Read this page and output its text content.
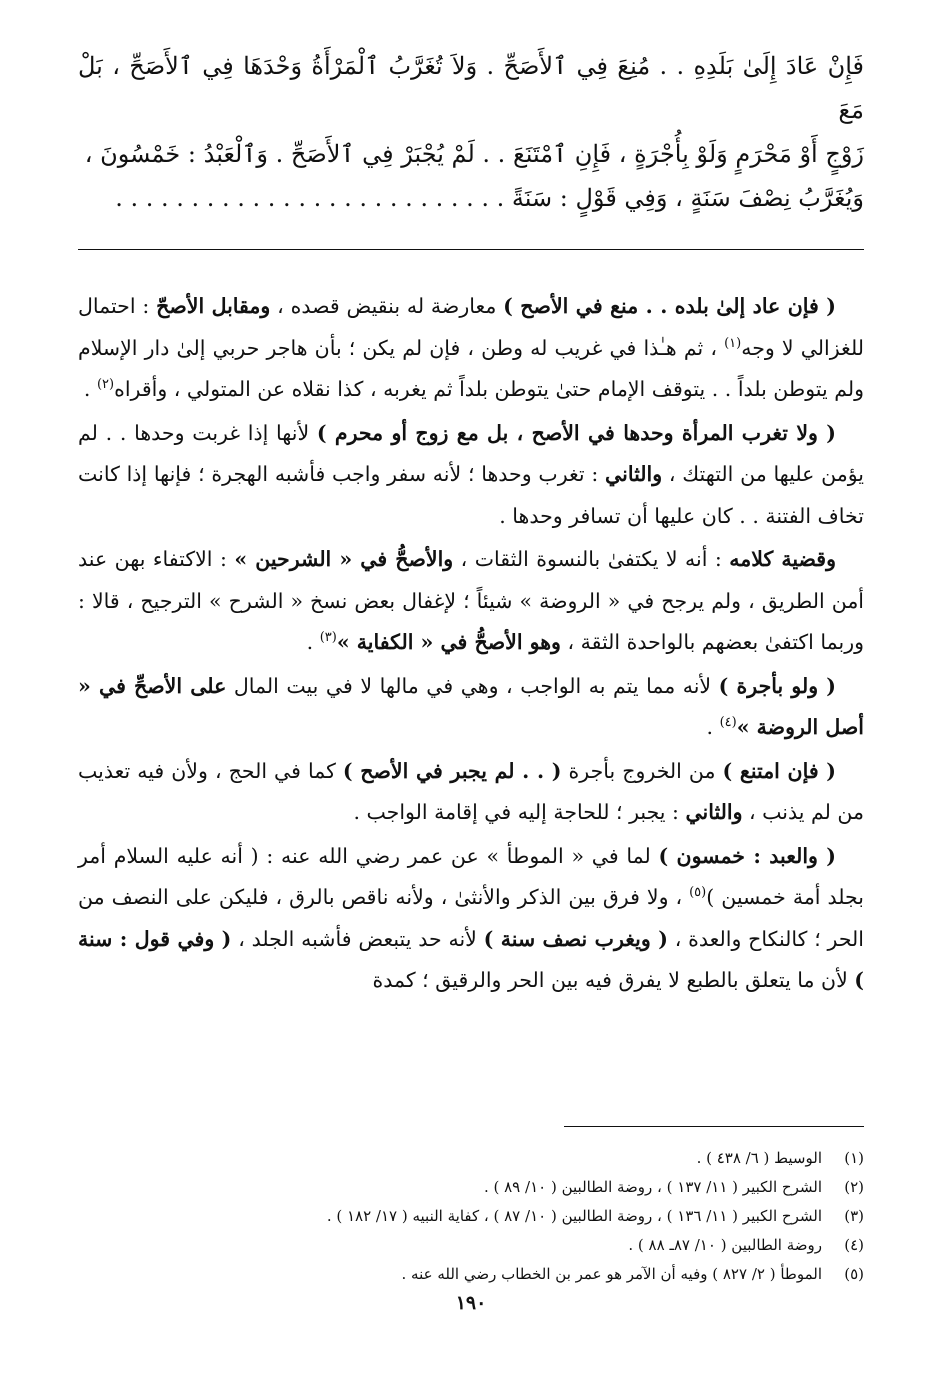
فَإِنْ عَادَ إِلَىٰ بَلَدِهِ . . مُنِعَ فِي ٱلأَصَحِّ . وَلاَ تُغَرَّبُ ٱلْمَرْأَةُ وَحْدَهَا فِي ٱلأَصَحِّ ، بَلْ مَعَ
زَوْجٍ أَوْ مَحْرَمٍ وَلَوْ بِأُجْرَةٍ ، فَإِنِ ٱمْتَنَعَ . . لَمْ يُجْبَرْ فِي ٱلأَصَحِّ . وَٱلْعَبْدُ : خَمْسُونَ ،
وَيُغَرَّبُ نِصْفَ سَنَةٍ ، وَفِي قَوْلٍ : سَنَةً . . . . . . . . . . . . . . . . . . . . . . . . . .

( فإن عاد إلىٰ بلده . . منع في الأصح ) معارضة له بنقيض قصده ، ومقابل الأصحّ : احتمال للغزالي لا وجه$^{(١)}$ ، ثم هـٰذا في غريب له وطن ، فإن لم يكن ؛ بأن هاجر حربي إلىٰ دار الإسلام ولم يتوطن بلداً . . يتوقف الإمام حتىٰ يتوطن بلداً ثم يغربه ، كذا نقلاه عن المتولي ، وأقراه$^{(٢)}$ .

( ولا تغرب المرأة وحدها في الأصح ، بل مع زوج أو محرم ) لأنها إذا غربت وحدها . . لم يؤمن عليها من التهتك ، والثاني : تغرب وحدها ؛ لأنه سفر واجب فأشبه الهجرة ؛ فإنها إذا كانت تخاف الفتنة . . كان عليها أن تسافر وحدها .

وقضية كلامه : أنه لا يكتفىٰ بالنسوة الثقات ، والأصحُّ في « الشرحين » : الاكتفاء بهن عند أمن الطريق ، ولم يرجح في « الروضة » شيئاً ؛ لإغفال بعض نسخ « الشرح » الترجيح ، قالا : وربما اكتفىٰ بعضهم بالواحدة الثقة ، وهو الأصحُّ في « الكفاية »$^{(٣)}$ .

( ولو بأجرة ) لأنه مما يتم به الواجب ، وهي في مالها لا في بيت المال على الأصحِّ في « أصل الروضة »$^{(٤)}$ .

( فإن امتنع ) من الخروج بأجرة ( . . لم يجبر في الأصح ) كما في الحج ، ولأن فيه تعذيب من لم يذنب ، والثاني : يجبر ؛ للحاجة إليه في إقامة الواجب .

( والعبد : خمسون ) لما في « الموطأ » عن عمر رضي الله عنه : ( أنه عليه السلام أمر بجلد أمة خمسين )$^{(٥)}$ ، ولا فرق بين الذكر والأنثىٰ ، ولأنه ناقص بالرق ، فليكن على النصف من الحر ؛ كالنكاح والعدة ، ( ويغرب نصف سنة ) لأنه حد يتبعض فأشبه الجلد ، ( وفي قول : سنة ) لأن ما يتعلق بالطبع لا يفرق فيه بين الحر والرقيق ؛ كمدة

(١)
الوسيط ( ٦/ ٤٣٨ ) .
(٢)
الشرح الكبير ( ١١/ ١٣٧ ) ، روضة الطالبين ( ١٠/ ٨٩ ) .
(٣)
الشرح الكبير ( ١١/ ١٣٦ ) ، روضة الطالبين ( ١٠/ ٨٧ ) ، كفاية النبيه ( ١٧/ ١٨٢ ) .
(٤)
روضة الطالبين ( ١٠/ ٨٧ـ ٨٨ ) .
(٥)
الموطأ ( ٢/ ٨٢٧ ) وفيه أن الآمر هو عمر بن الخطاب رضي الله عنه .
١٩٠
